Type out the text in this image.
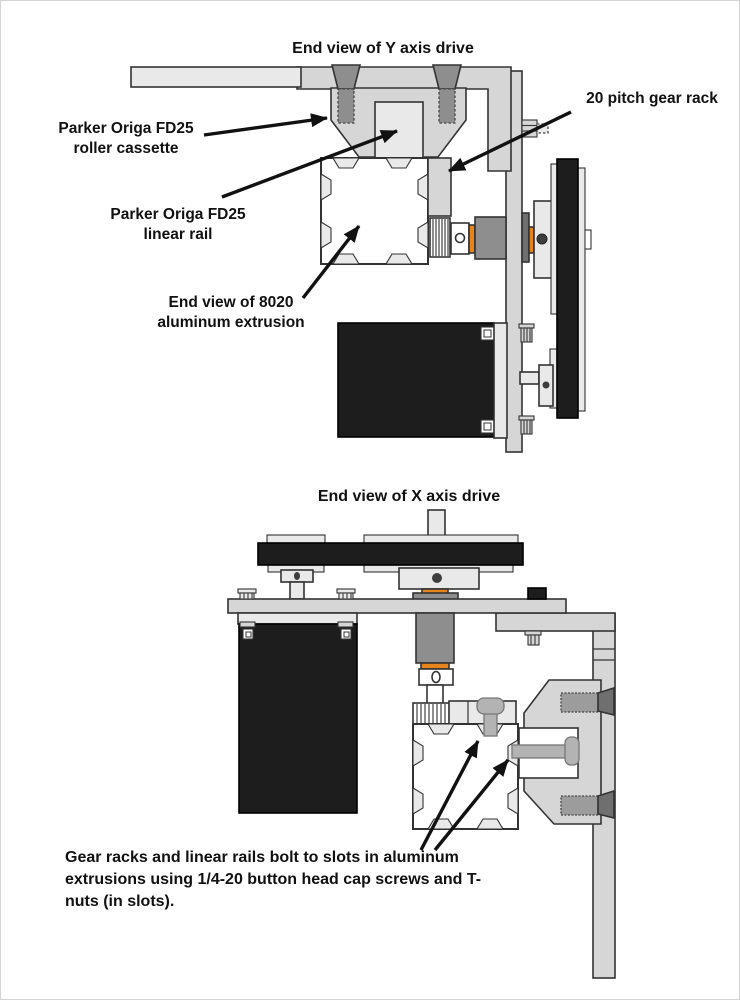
End view of Y axis drive
Parker Origa FD25
roller cassette
20 pitch gear rack
Parker Origa FD25
linear rail
End view of 8020
aluminum extrusion
End view of X axis drive
Gear racks and linear rails bolt to slots in aluminum
extrusions using 1/4-20 button head cap screws and T-
nuts (in slots).
